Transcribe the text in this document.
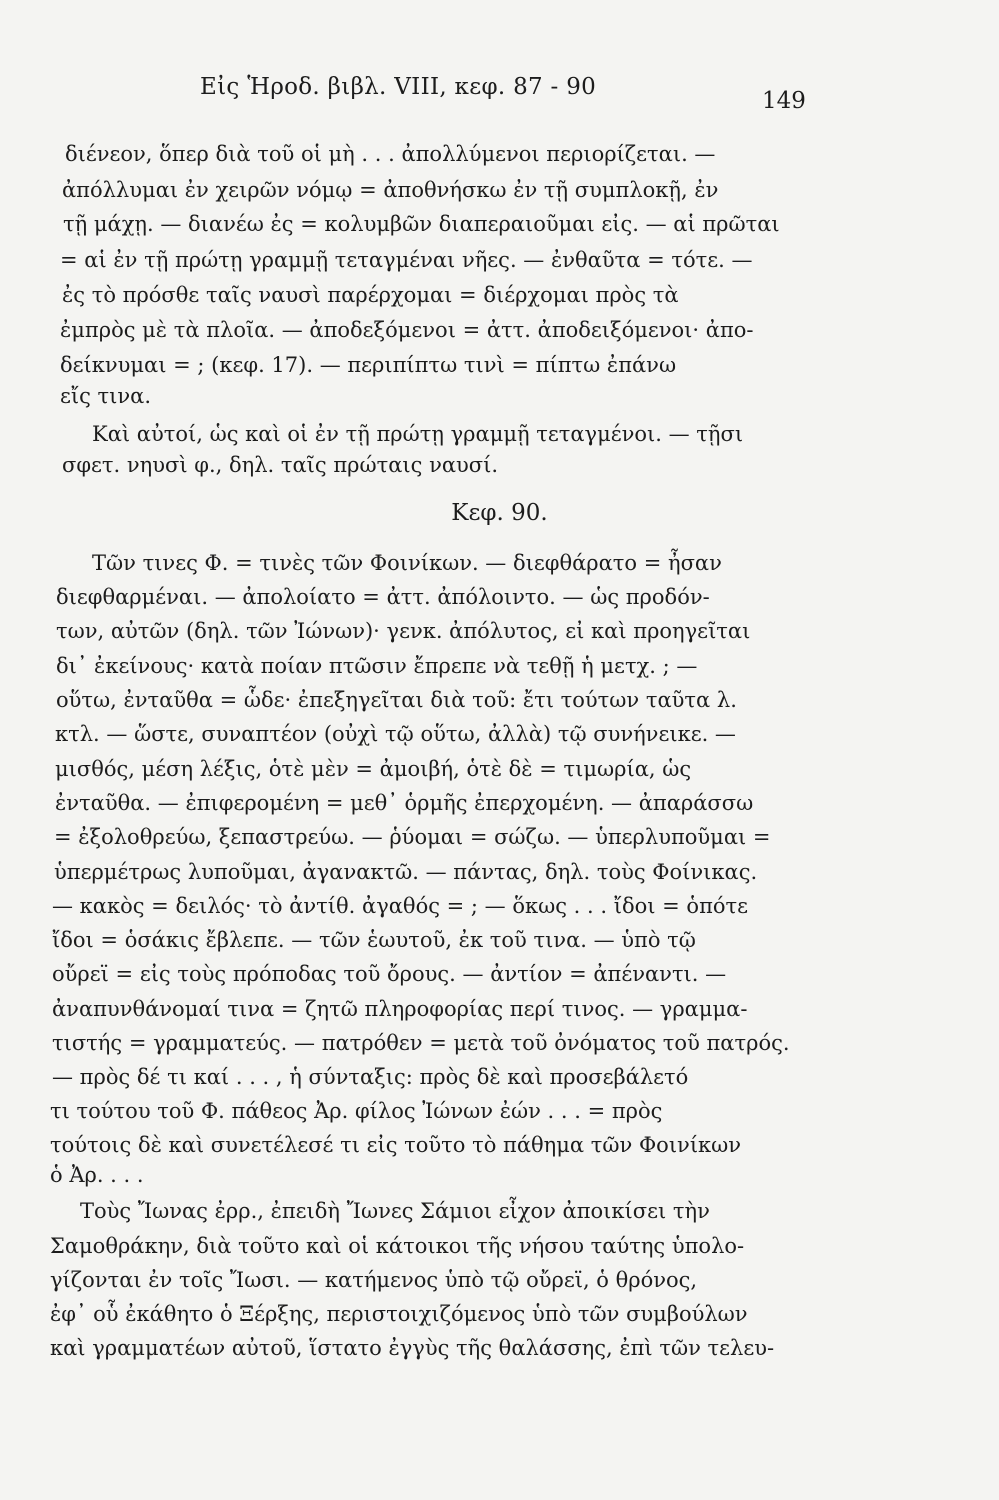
Εἰς Ἡροδ. βιβλ. VIII, κεφ. 87 - 90
149
διένεον, ὅπερ διὰ τοῦ οἱ μὴ . . . ἀπολλύμενοι περιορίζεται. —
ἀπόλλυμαι ἐν χειρῶν νόμῳ = ἀποθνήσκω ἐν τῇ συμπλοκῇ, ἐν
τῇ μάχῃ. — διανέω ἐς = κολυμβῶν διαπεραιοῦμαι εἰς. — αἱ πρῶται
= αἱ ἐν τῇ πρώτῃ γραμμῇ τεταγμέναι νῆες. — ἐνθαῦτα = τότε. —
ἐς τὸ πρόσθε ταῖς ναυσὶ παρέρχομαι = διέρχομαι πρὸς τὰ
ἐμπρὸς μὲ τὰ πλοῖα. — ἀποδεξόμενοι = ἀττ. ἀποδειξόμενοι· ἀπο-
δείκνυμαι = ; (κεφ. 17). — περιπίπτω τινὶ = πίπτω ἐπάνω
εἴς τινα.
Καὶ αὐτοί, ὡς καὶ οἱ ἐν τῇ πρώτῃ γραμμῇ τεταγμένοι. — τῇσι
σφετ. νηυσὶ φ., δηλ. ταῖς πρώταις ναυσί.
Κεφ. 90.
Τῶν τινες Φ. = τινὲς τῶν Φοινίκων. — διεφθάρατο = ἦσαν
διεφθαρμέναι. — ἀπολοίατο = ἀττ. ἀπόλοιντο. — ὡς προδόν-
των, αὐτῶν (δηλ. τῶν Ἰώνων)· γενκ. ἀπόλυτος, εἰ καὶ προηγεῖται
δι᾽ ἐκείνους· κατὰ ποίαν πτῶσιν ἔπρεπε νὰ τεθῇ ἡ μετχ. ; —
οὕτω, ἐνταῦθα = ὧδε· ἐπεξηγεῖται διὰ τοῦ: ἔτι τούτων ταῦτα λ.
κτλ. — ὥστε, συναπτέον (οὐχὶ τῷ οὕτω, ἀλλὰ) τῷ συνήνεικε. —
μισθός, μέση λέξις, ὁτὲ μὲν = ἀμοιβή, ὁτὲ δὲ = τιμωρία, ὡς
ἐνταῦθα. — ἐπιφερομένη = μεθ᾽ ὁρμῆς ἐπερχομένη. — ἀπαράσσω
= ἐξολοθρεύω, ξεπαστρεύω. — ῥύομαι = σώζω. — ὑπερλυποῦμαι =
ὑπερμέτρως λυποῦμαι, ἀγανακτῶ. — πάντας, δηλ. τοὺς Φοίνικας.
— κακὸς = δειλός· τὸ ἀντίθ. ἀγαθός = ; — ὅκως . . . ἴδοι = ὁπότε
ἴδοι = ὁσάκις ἔβλεπε. — τῶν ἑωυτοῦ, ἐκ τοῦ τινα. — ὑπὸ τῷ
οὔρεϊ = εἰς τοὺς πρόποδας τοῦ ὄρους. — ἀντίον = ἀπέναντι. —
ἀναπυνθάνομαί τινα = ζητῶ πληροφορίας περί τινος. — γραμμα-
τιστής = γραμματεύς. — πατρόθεν = μετὰ τοῦ ὀνόματος τοῦ πατρός.
— πρὸς δέ τι καί . . . , ἡ σύνταξις: πρὸς δὲ καὶ προσεβάλετό
τι τούτου τοῦ Φ. πάθεος Ἀρ. φίλος Ἰώνων ἐών . . . = πρὸς
τούτοις δὲ καὶ συνετέλεσέ τι εἰς τοῦτο τὸ πάθημα τῶν Φοινίκων
ὁ Ἀρ. . . .
Τοὺς Ἴωνας ἐρρ., ἐπειδὴ Ἴωνες Σάμιοι εἶχον ἀποικίσει τὴν
Σαμοθράκην, διὰ τοῦτο καὶ οἱ κάτοικοι τῆς νήσου ταύτης ὑπολο-
γίζονται ἐν τοῖς Ἴωσι. — κατήμενος ὑπὸ τῷ οὔρεϊ, ὁ θρόνος,
ἐφ᾽ οὗ ἐκάθητο ὁ Ξέρξης, περιστοιχιζόμενος ὑπὸ τῶν συμβούλων
καὶ γραμματέων αὐτοῦ, ἵστατο ἐγγὺς τῆς θαλάσσης, ἐπὶ τῶν τελευ-
